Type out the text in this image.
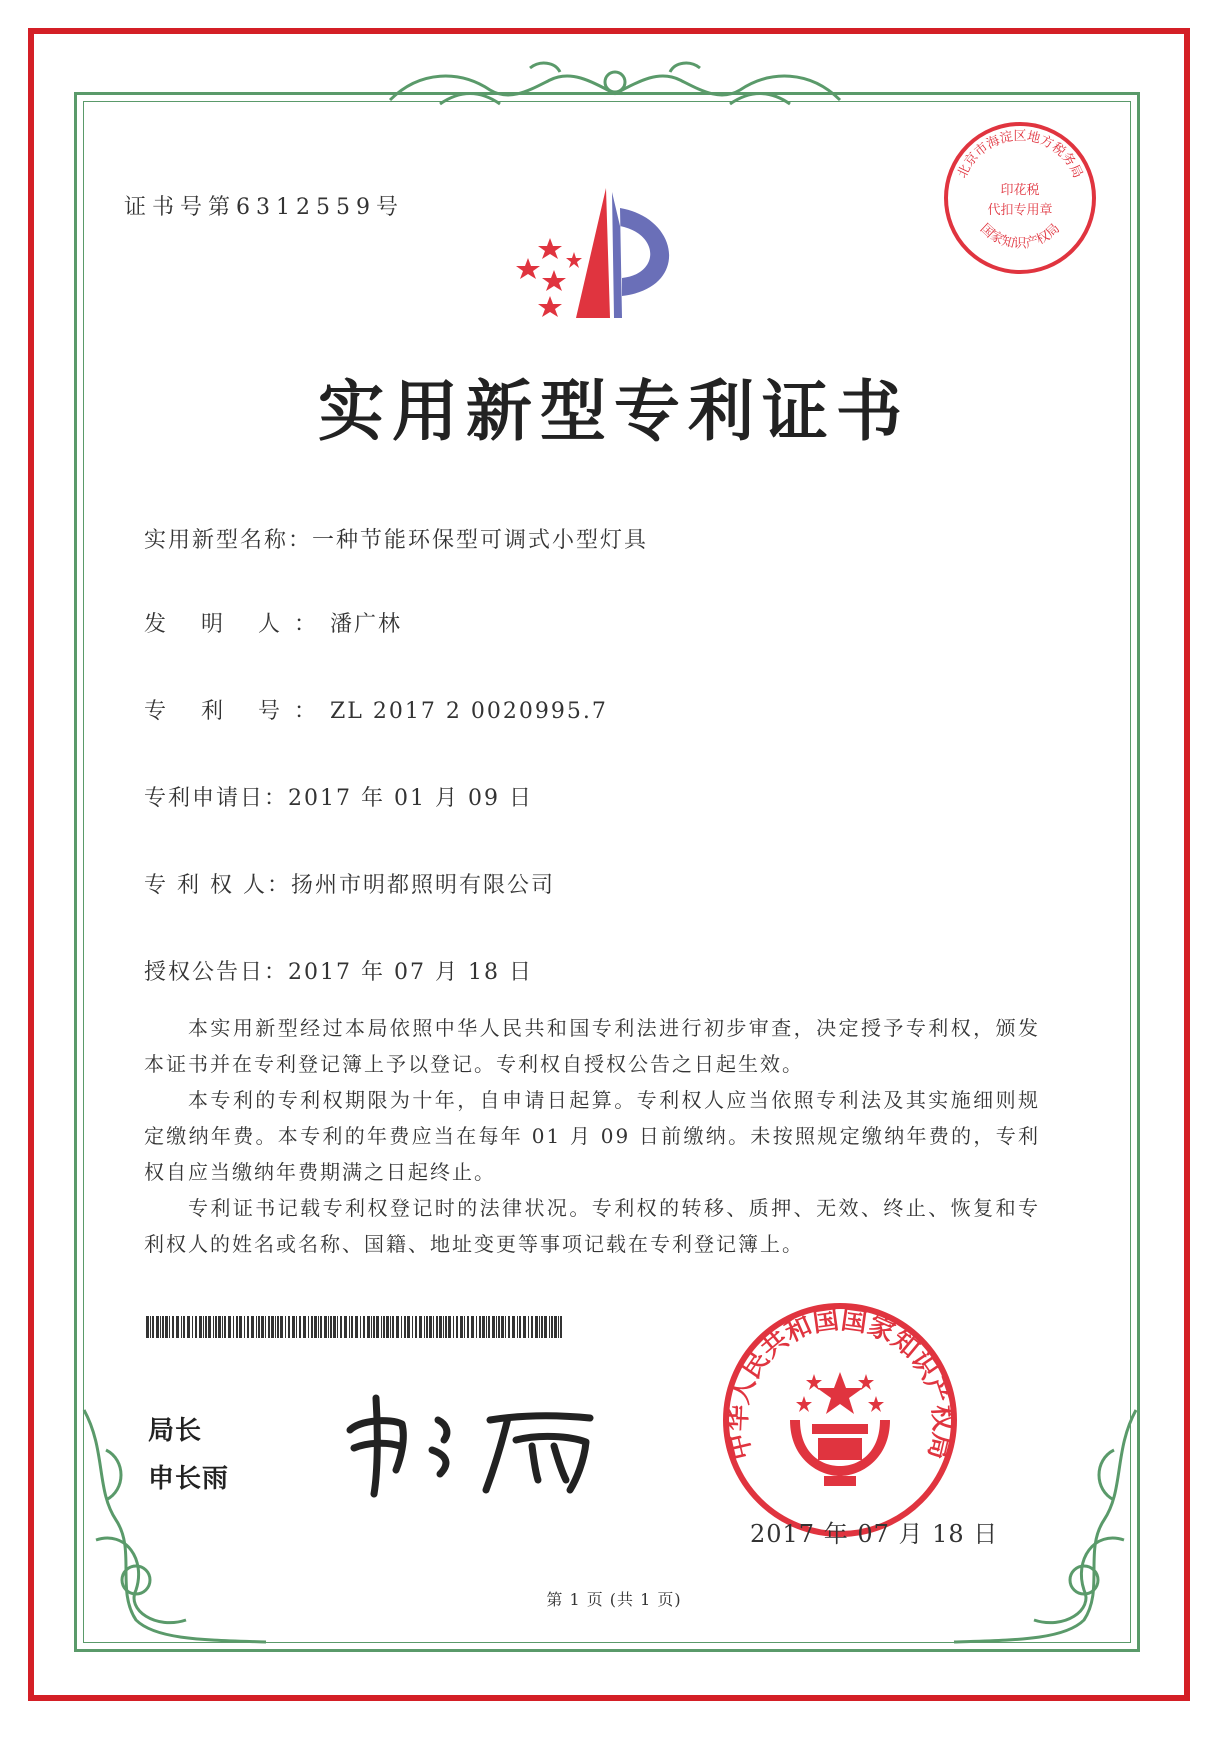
证书号第6312559号
北京市海淀区地方税务局
印花税
代扣专用章
国家知识产权局
实用新型专利证书
实用新型名称：一种节能环保型可调式小型灯具
发 明 人：潘广林
专 利 号：ZL 2017 2 0020995.7
专利申请日：2017 年 01 月 09 日
专 利 权 人：扬州市明都照明有限公司
授权公告日：2017 年 07 月 18 日

本实用新型经过本局依照中华人民共和国专利法进行初步审查，决定授予专利权，颁发本证书并在专利登记簿上予以登记。专利权自授权公告之日起生效。

本专利的专利权期限为十年，自申请日起算。专利权人应当依照专利法及其实施细则规定缴纳年费。本专利的年费应当在每年 01 月 09 日前缴纳。未按照规定缴纳年费的，专利权自应当缴纳年费期满之日起终止。

专利证书记载专利权登记时的法律状况。专利权的转移、质押、无效、终止、恢复和专利权人的姓名或名称、国籍、地址变更等事项记载在专利登记簿上。

局长
申长雨
中华人民共和国国家知识产权局
2017 年 07 月 18 日
第 1 页 (共 1 页)
